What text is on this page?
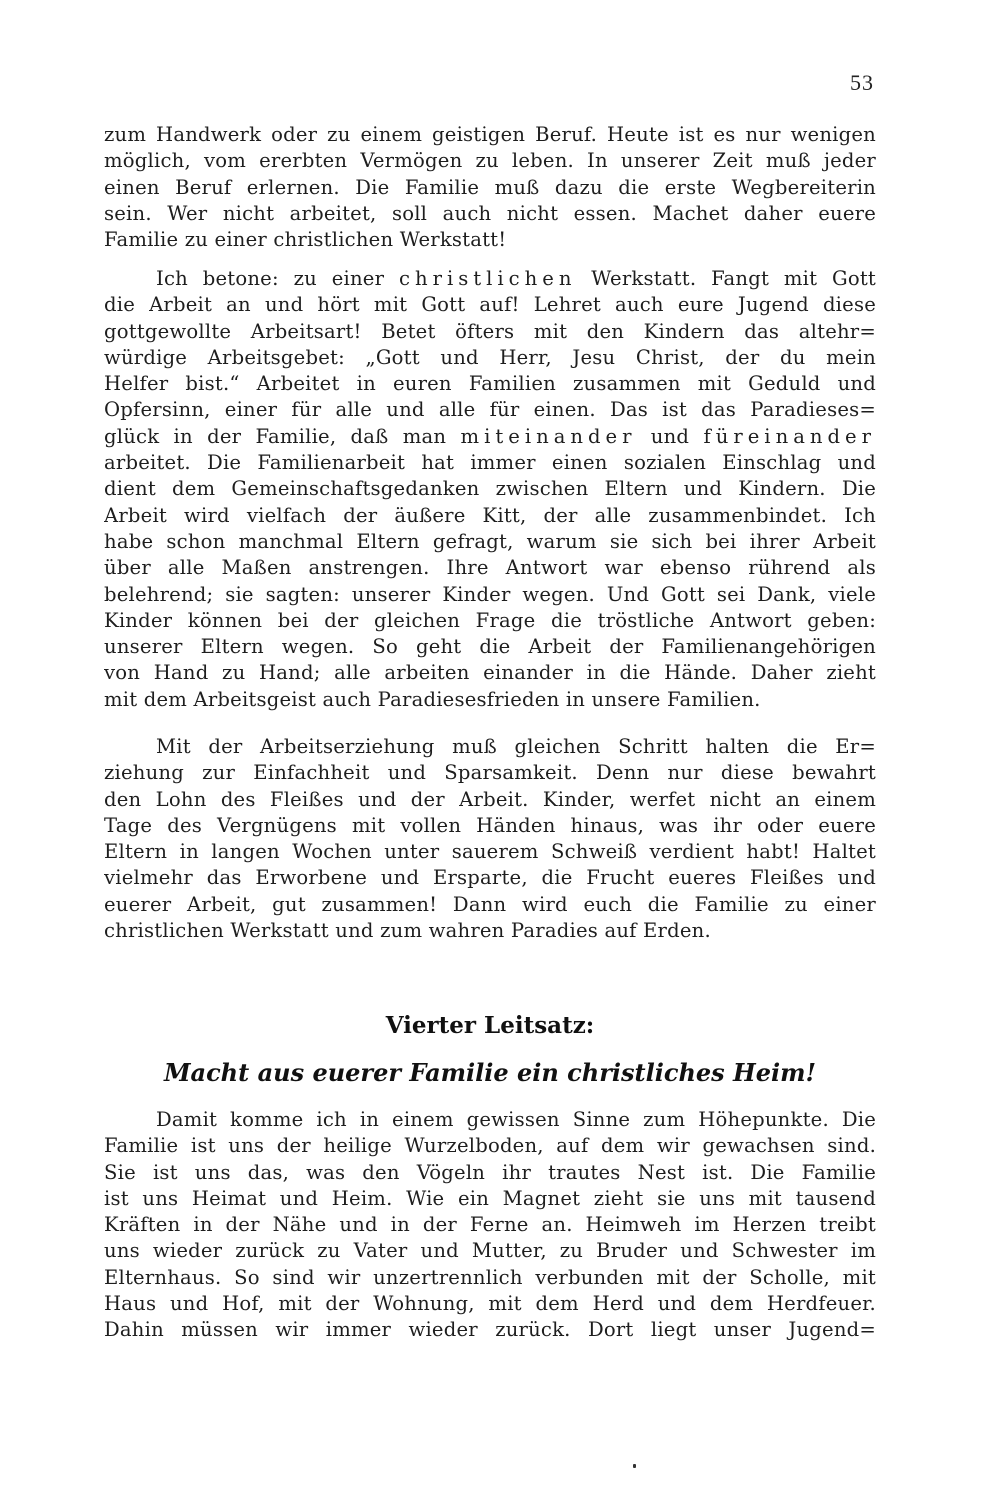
53
zum Handwerk oder zu einem geistigen Beruf. Heute ist es nur wenigen
möglich, vom ererbten Vermögen zu leben. In unserer Zeit muß jeder
einen Beruf erlernen. Die Familie muß dazu die erste Wegbereiterin
sein. Wer nicht arbeitet, soll auch nicht essen. Machet daher euere
Familie zu einer christlichen Werkstatt!
Ich betone: zu einer christlichen Werkstatt. Fangt mit Gott
die Arbeit an und hört mit Gott auf! Lehret auch eure Jugend diese
gottgewollte Arbeitsart! Betet öfters mit den Kindern das altehr=
würdige Arbeitsgebet: „Gott und Herr, Jesu Christ, der du mein
Helfer bist.“ Arbeitet in euren Familien zusammen mit Geduld und
Opfersinn, einer für alle und alle für einen. Das ist das Paradieses=
glück in der Familie, daß man miteinander und füreinander
arbeitet. Die Familienarbeit hat immer einen sozialen Einschlag und
dient dem Gemeinschaftsgedanken zwischen Eltern und Kindern. Die
Arbeit wird vielfach der äußere Kitt, der alle zusammenbindet. Ich
habe schon manchmal Eltern gefragt, warum sie sich bei ihrer Arbeit
über alle Maßen anstrengen. Ihre Antwort war ebenso rührend als
belehrend; sie sagten: unserer Kinder wegen. Und Gott sei Dank, viele
Kinder können bei der gleichen Frage die tröstliche Antwort geben:
unserer Eltern wegen. So geht die Arbeit der Familienangehörigen
von Hand zu Hand; alle arbeiten einander in die Hände. Daher zieht
mit dem Arbeitsgeist auch Paradiesesfrieden in unsere Familien.
Mit der Arbeitserziehung muß gleichen Schritt halten die Er=
ziehung zur Einfachheit und Sparsamkeit. Denn nur diese bewahrt
den Lohn des Fleißes und der Arbeit. Kinder, werfet nicht an einem
Tage des Vergnügens mit vollen Händen hinaus, was ihr oder euere
Eltern in langen Wochen unter sauerem Schweiß verdient habt! Haltet
vielmehr das Erworbene und Ersparte, die Frucht eueres Fleißes und
euerer Arbeit, gut zusammen! Dann wird euch die Familie zu einer
christlichen Werkstatt und zum wahren Paradies auf Erden.
Vierter Leitsatz:
Macht aus euerer Familie ein christliches Heim!
Damit komme ich in einem gewissen Sinne zum Höhepunkte. Die
Familie ist uns der heilige Wurzelboden, auf dem wir gewachsen sind.
Sie ist uns das, was den Vögeln ihr trautes Nest ist. Die Familie
ist uns Heimat und Heim. Wie ein Magnet zieht sie uns mit tausend
Kräften in der Nähe und in der Ferne an. Heimweh im Herzen treibt
uns wieder zurück zu Vater und Mutter, zu Bruder und Schwester im
Elternhaus. So sind wir unzertrennlich verbunden mit der Scholle, mit
Haus und Hof, mit der Wohnung, mit dem Herd und dem Herdfeuer.
Dahin müssen wir immer wieder zurück. Dort liegt unser Jugend=
